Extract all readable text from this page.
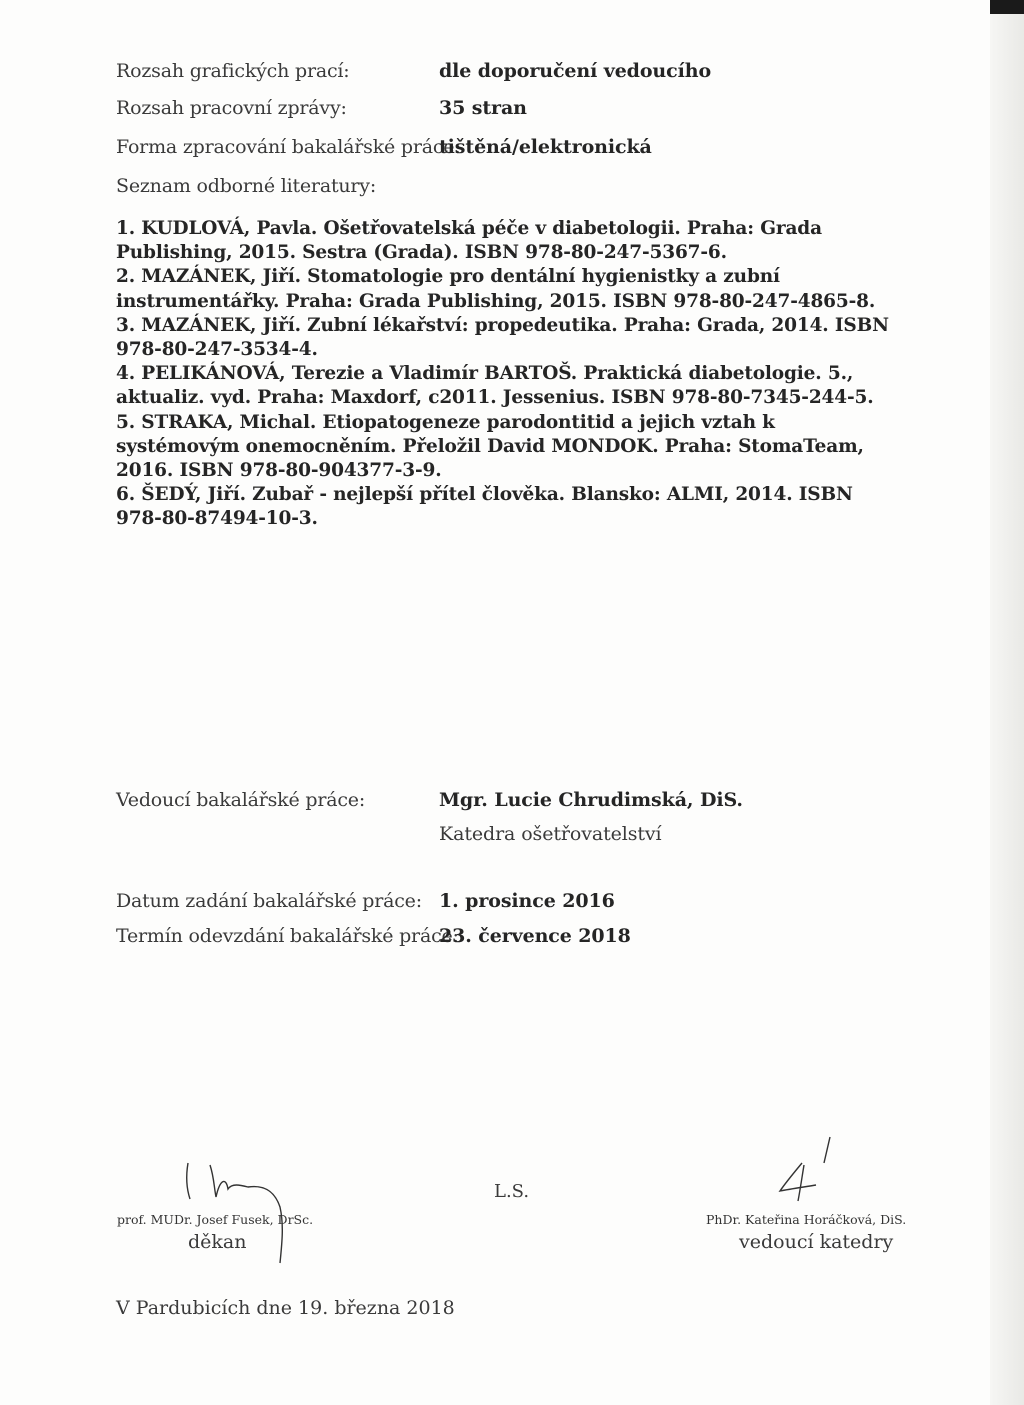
Rozsah grafických prací:	dle doporučení vedoucího
Rozsah pracovní zprávy:	35 stran
Forma zpracování bakalářské práce:
tištěná/elektronická
Seznam odborné literatury:
1. KUDLOVÁ, Pavla. Ošetřovatelská péče v diabetologii. Praha: Grada Publishing, 2015. Sestra (Grada). ISBN 978-80-247-5367-6.
2. MAZÁNEK, Jiří. Stomatologie pro dentální hygienistky a zubní instrumentářky. Praha: Grada Publishing, 2015. ISBN 978-80-247-4865-8.
3. MAZÁNEK, Jiří. Zubní lékařství: propedeutika. Praha: Grada, 2014. ISBN 978-80-247-3534-4.
4. PELIKÁNOVÁ, Terezie a Vladimír BARTOŠ. Praktická diabetologie. 5., aktualiz. vyd. Praha: Maxdorf, c2011. Jessenius. ISBN 978-80-7345-244-5.
5. STRAKA, Michal. Etiopatogeneze parodontitid a jejich vztah k systémovým onemocněním. Přeložil David MONDOK. Praha: StomaTeam, 2016. ISBN 978-80-904377-3-9.
6. ŠEDÝ, Jiří. Zubař - nejlepší přítel člověka. Blansko: ALMI, 2014. ISBN 978-80-87494-10-3.
Vedoucí bakalářské práce:	Mgr. Lucie Chrudimská, DiS.
Katedra ošetřovatelství
Datum zadání bakalářské práce: 1. prosince 2016
Termín odevzdání bakalářské práce:
23. července 2018
prof. MUDr. Josef Fusek, DrSc.
děkan
L.S.
PhDr. Kateřina Horáčková, DiS.
vedoucí katedry
V Pardubicích dne 19. března 2018
